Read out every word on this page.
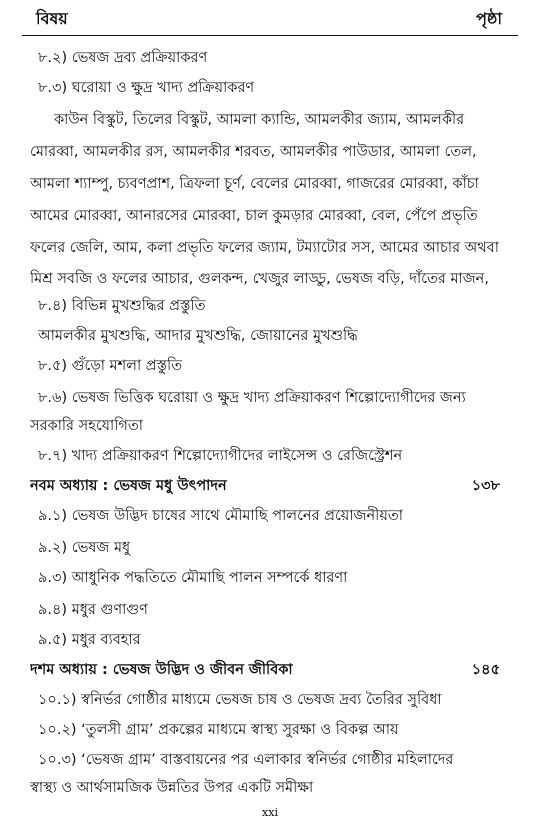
বিষয়	পৃষ্ঠা
৮.২) ভেষজ দ্রব্য প্রক্রিয়াকরণ
৮.৩) ঘরোয়া ও ক্ষুদ্র খাদ্য প্রক্রিয়াকরণ
কাউন বিস্কুট, তিলের বিস্কুট, আমলা ক্যান্ডি, আমলকীর জ্যাম, আমলকীর
মোরব্বা, আমলকীর রস, আমলকীর শরবত, আমলকীর পাউডার, আমলা তেল,
আমলা শ্যাম্পু, চ্যবণপ্রাশ, ত্রিফলা চূর্ণ, বেলের মোরব্বা, গাজরের মোরব্বা, কাঁচা
আমের মোরব্বা, আনারসের মোরব্বা, চাল কুমড়ার মোরব্বা, বেল, পেঁপে প্রভৃতি
ফলের জেলি, আম, কলা প্রভৃতি ফলের জ্যাম, টম্যাটোর সস, আমের আচার অথবা
মিশ্র সবজি ও ফলের আচার, গুলকন্দ, খেজুর লাড্ডু, ভেষজ বড়ি, দাঁতের মাজন,
৮.৪) বিভিন্ন মুখশুদ্ধির প্রস্তুতি
আমলকীর মুখশুদ্ধি, আদার মুখশুদ্ধি, জোয়ানের মুখশুদ্ধি
৮.৫) গুঁড়ো মশলা প্রস্তুতি
৮.৬) ভেষজ ভিত্তিক ঘরোয়া ও ক্ষুদ্র খাদ্য প্রক্রিয়াকরণ শিল্পোদ্যোগীদের জন্য
সরকারি সহযোগিতা
৮.৭) খাদ্য প্রক্রিয়াকরণ শিল্পোদ্যোগীদের লাইসেন্স ও রেজিস্ট্রেশন
নবম অধ্যায় : ভেষজ মধু উৎপাদন	১৩৮
৯.১) ভেষজ উদ্ভিদ চাষের সাথে মৌমাছি পালনের প্রয়োজনীয়তা
৯.২) ভেষজ মধু
৯.৩) আধুনিক পদ্ধতিতে মৌমাছি পালন সম্পর্কে ধারণা
৯.৪) মধুর গুণাগুণ
৯.৫) মধুর ব্যবহার
দশম অধ্যায় : ভেষজ উদ্ভিদ ও জীবন জীবিকা	১৪৫
১০.১) স্বনির্ভর গোষ্ঠীর মাধ্যমে ভেষজ চাষ ও ভেষজ দ্রব্য তৈরির সুবিধা
১০.২) ‘তুলসী গ্রাম’ প্রকল্পের মাধ্যমে স্বাস্থ্য সুরক্ষা ও বিকল্প আয়
১০.৩) ‘ভেষজ গ্রাম’ বাস্তবায়নের পর এলাকার স্বনির্ভর গোষ্ঠীর মহিলাদের
স্বাস্থ্য ও আর্থসামজিক উন্নতির উপর একটি সমীক্ষা
xxi
